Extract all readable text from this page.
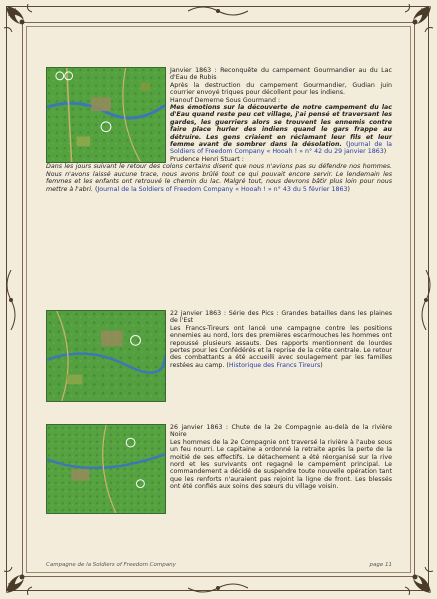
Janvier 1863 : Reconquête du campement Gourmandier au du Lac d'Eau de Rubis
Après la destruction du campement Gourmandier, Gudian juin courrier envoyé triques pour décollent pour les indiens.
Hanouf Demerne Sous Gourmand :
Mes émotions sur la découverte de notre campement du lac d'Eau quand reste peu cet village, j'ai pensé et traversant les gardes, les guerriers alors se trouvent les ennemis contre faire place hurler des indiens quand le gars frappe au détruire. Les gens criaient en réclamant leur fils et leur femme avant de sombrer dans la désolation. (Journal de la Soldiers of Freedom Company « Hooah ! » n° 42 du 29 janvier 1863)
Prudence Henri Stuart :
Dans les jours suivant le retour des colons certains disent que nous n'avions pas su défendre nos hommes. Nous n'avons laissé aucune trace, nous avons brûlé tout ce qui pouvait encore servir. Le lendemain les femmes et les enfants ont retrouvé le chemin du lac. Malgré tout, nous devrons bâtir plus loin pour nous mettre à l'abri. (Journal de la Soldiers of Freedom Company « Hooah ! » n° 43 du 5 février 1863)

22 janvier 1863 : Série des Pics : Grandes batailles dans les plaines de l'Est
Les Francs-Tireurs ont lancé une campagne contre les positions ennemies au nord, lors des premières escarmouches les hommes ont repoussé plusieurs assauts. Des rapports mentionnent de lourdes pertes pour les Confédérés et la reprise de la crête centrale. Le retour des combattants a été accueilli avec soulagement par les familles restées au camp. (Historique des Francs Tireurs)

26 janvier 1863 : Chute de la 2e Compagnie au-delà de la rivière Noire
Les hommes de la 2e Compagnie ont traversé la rivière à l'aube sous un feu nourri. Le capitaine a ordonné la retraite après la perte de la moitié de ses effectifs. Le détachement a été réorganisé sur la rive nord et les survivants ont regagné le campement principal. Le commandement a décidé de suspendre toute nouvelle opération tant que les renforts n'auraient pas rejoint la ligne de front. Les blessés ont été confiés aux soins des sœurs du village voisin.

Campagne de la Soldiers of Freedom Company	page 11
